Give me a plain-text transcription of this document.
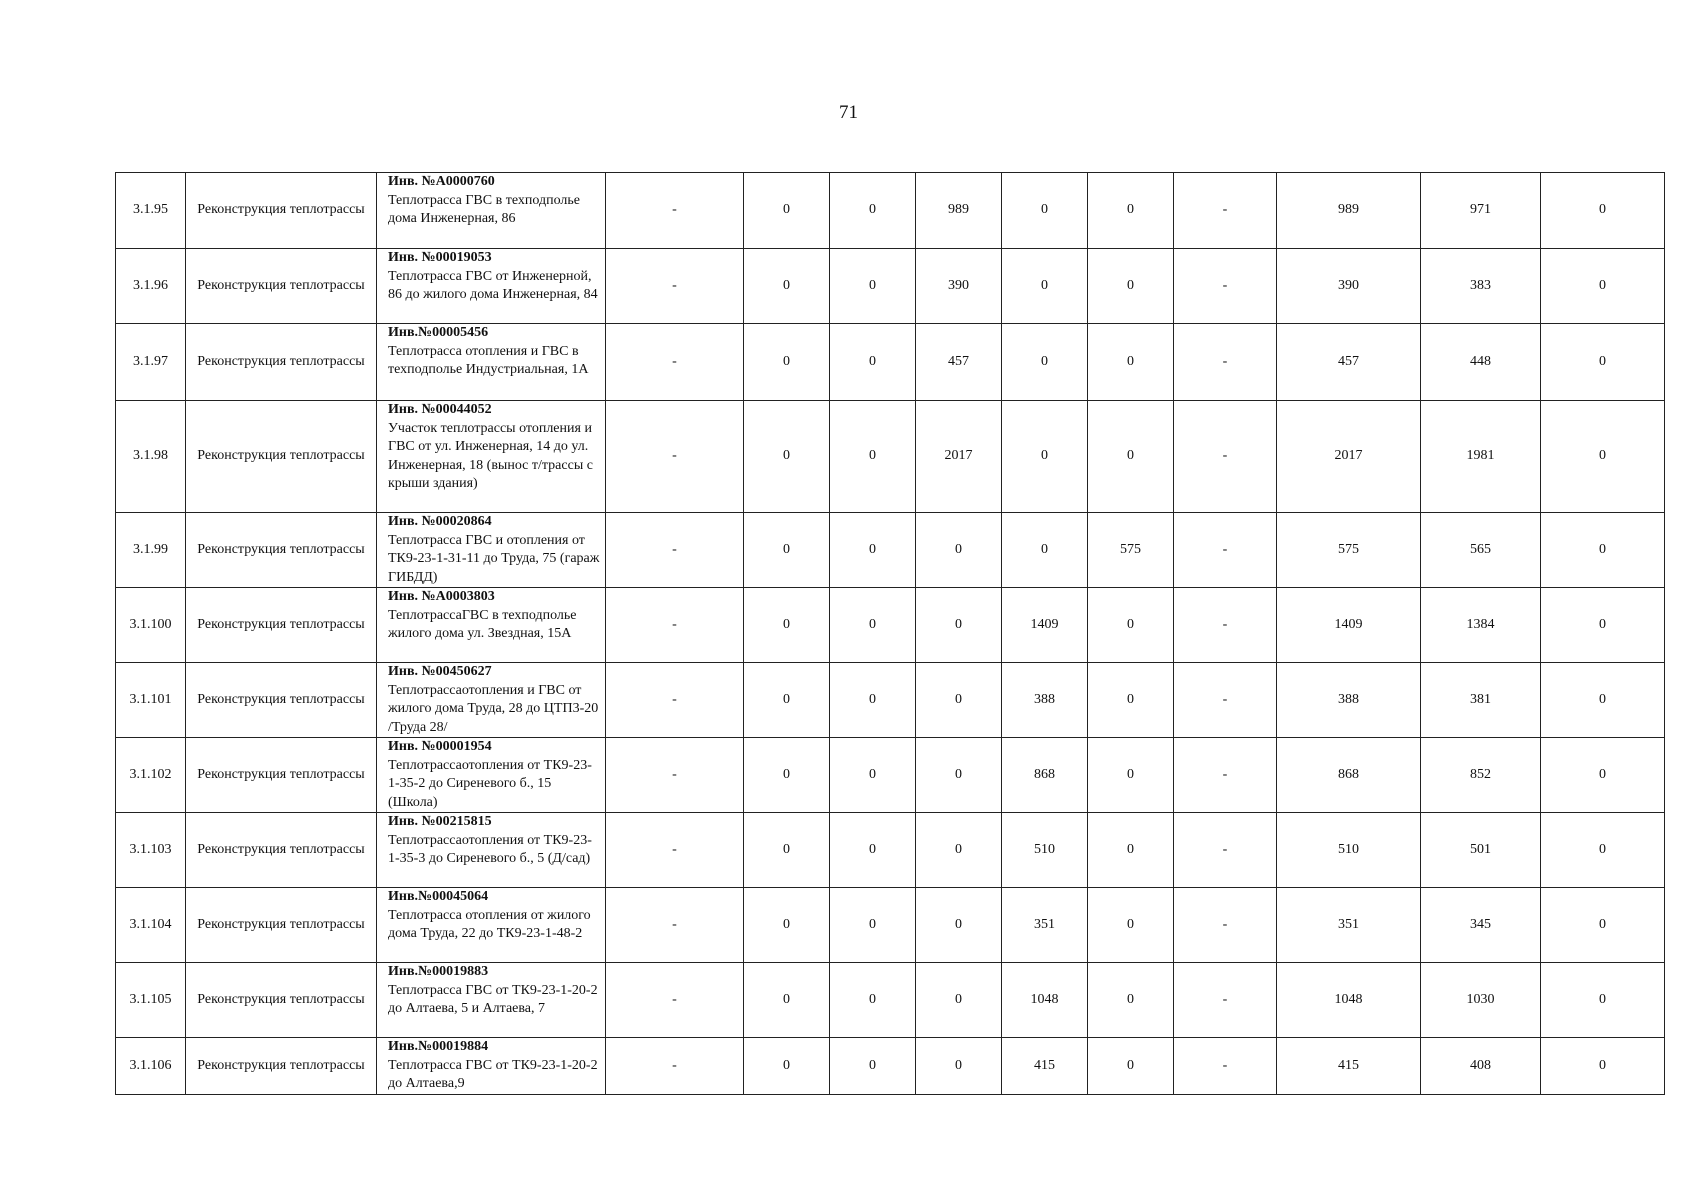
71
3.1.95	Реконструкция теплотрассы	Инв. №А0000760
Теплотрасса ГВС в техподполье дома Инженерная, 86	-	0	0	989	0	0	-	989	971	0
3.1.96	Реконструкция теплотрассы	Инв. №00019053
Теплотрасса ГВС от Инженерной, 86 до жилого дома Инженерная, 84	-	0	0	390	0	0	-	390	383	0
3.1.97	Реконструкция теплотрассы	Инв.№00005456
Теплотрасса отопления и ГВС в техподполье Индустриальная, 1А	-	0	0	457	0	0	-	457	448	0
3.1.98	Реконструкция теплотрассы	Инв. №00044052
Участок теплотрассы отопления и ГВС от ул. Инженерная, 14 до ул. Инженерная, 18 (вынос т/трассы с крыши здания)	-	0	0	2017	0	0	-	2017	1981	0
3.1.99	Реконструкция теплотрассы	Инв. №00020864
Теплотрасса ГВС и отопления от ТК9-23-1-31-11 до Труда, 75 (гараж ГИБДД)	-	0	0	0	0	575	-	575	565	0
3.1.100	Реконструкция теплотрассы	Инв. №А0003803
ТеплотрассаГВС в техподполье жилого дома ул. Звездная, 15А	-	0	0	0	1409	0	-	1409	1384	0
3.1.101	Реконструкция теплотрассы	Инв. №00450627
Теплотрассаотопления и ГВС от жилого дома Труда, 28 до ЦТП3-20 /Труда 28/	-	0	0	0	388	0	-	388	381	0
3.1.102	Реконструкция теплотрассы	Инв. №00001954
Теплотрассаотопления от ТК9-23-1-35-2 до Сиреневого б., 15 (Школа)	-	0	0	0	868	0	-	868	852	0
3.1.103	Реконструкция теплотрассы	Инв. №00215815
Теплотрассаотопления от ТК9-23-1-35-3 до Сиреневого б., 5 (Д/сад)	-	0	0	0	510	0	-	510	501	0
3.1.104	Реконструкция теплотрассы	Инв.№00045064
Теплотрасса отопления от жилого дома Труда, 22 до ТК9-23-1-48-2	-	0	0	0	351	0	-	351	345	0
3.1.105	Реконструкция теплотрассы	Инв.№00019883
Теплотрасса ГВС от ТК9-23-1-20-2 до Алтаева, 5 и Алтаева, 7	-	0	0	0	1048	0	-	1048	1030	0
3.1.106	Реконструкция теплотрассы	Инв.№00019884
Теплотрасса ГВС от ТК9-23-1-20-2 до Алтаева,9	-	0	0	0	415	0	-	415	408	0
